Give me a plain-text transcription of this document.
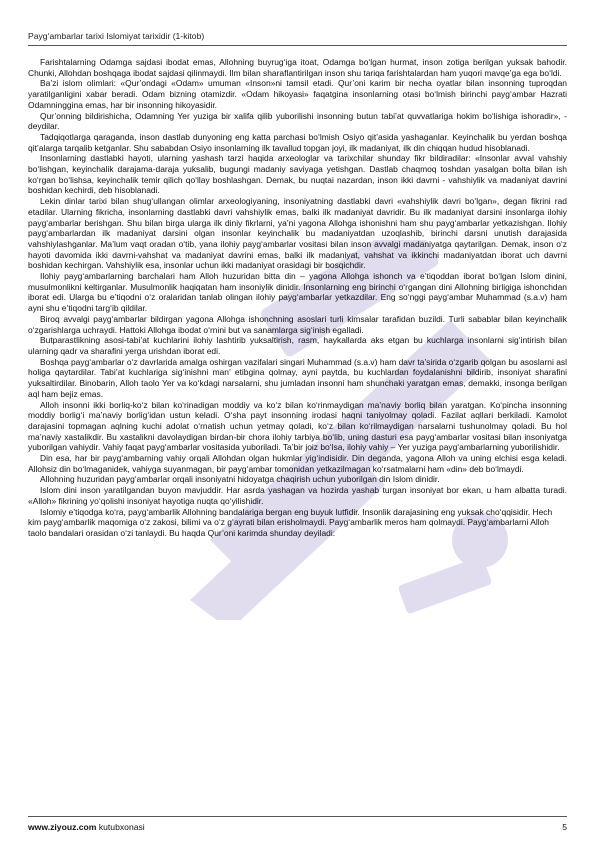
Payg‘ambarlar tarixi Islomiyat tarixidir (1-kitob)

Farishtalarning Odamga sajdasi ibodat emas, Allohning buyrug‘iga itoat, Odamga bo‘lgan hurmat, inson zotiga berilgan yuksak bahodir. Chunki, Allohdan boshqaga ibodat sajdasi qilinmaydi. Ilm bilan sharaflantirilgan inson shu tariqa farishtalardan ham yuqori mavqe’ga ega bo‘ldi.

Ba’zi islom olimlari: «Qur’ondagi «Odam» umuman «Inson»ni tamsil etadi. Qur’oni karim bir necha oyatlar bilan insonning tuproqdan yaratilganligini xabar beradi. Odam bizning otamizdir. «Odam hikoyasi» faqatgina insonlarning otasi bo‘lmish birinchi payg‘ambar Hazrati Odamninggina emas, har bir insonning hikoyasidir.

Qur’onning bildirishicha, Odamning Yer yuziga bir xalifa qilib yuborilishi insonning butun tabi’at quvvatlariga hokim bo‘lishiga ishoradir», - deydilar.

Tadqiqotlarga qaraganda, inson dastlab dunyoning eng katta parchasi bo‘lmish Osiyo qit’asida yashaganlar. Keyinchalik bu yerdan boshqa qit’alarga tarqalib ketganlar. Shu sababdan Osiyo insonlarning ilk tavallud topgan joyi, ilk madaniyat, ilk din chiqqan hudud hisoblanadi.

Insonlarning dastlabki hayoti, ularning yashash tarzi haqida arxeologlar va tarixchilar shunday fikr bildiradilar: «Insonlar avval vahshiy bo‘lishgan, keyinchalik darajama-daraja yuksalib, bugungi madaniy saviyaga yetishgan. Dastlab chaqmoq toshdan yasalgan bolta bilan ish ko‘rgan bo‘lishsa, keyinchalik temir qilich qo‘llay boshlashgan. Demak, bu nuqtai nazardan, inson ikki davrni - vahshiylik va madaniyat davrini boshidan kechirdi, deb hisoblanadi.

Lekin dinlar tarixi bilan shug‘ullangan olimlar arxeologiyaning, insoniyatning dastlabki davri «vahshiylik davri bo‘lgan», degan fikrini rad etadilar. Ularning fikricha, insonlarning dastlabki davri vahshiylik emas, balki ilk madaniyat davridir. Bu ilk madaniyat darsini insonlarga ilohiy payg‘ambarlar berishgan. Shu bilan birga ularga ilk diniy fikrlarni, ya’ni yagona Allohga ishonishni ham shu payg‘ambarlar yetkazishgan. Ilohiy payg‘ambarlardan ilk madaniyat darsini olgan insonlar keyinchalik bu madaniyatdan uzoqlashib, birinchi darsni unutish darajasida vahshiylashganlar. Ma’lum vaqt oradan o‘tib, yana ilohiy payg‘ambarlar vositasi bilan inson avvalgi madaniyatga qaytarilgan. Demak, inson o‘z hayoti davomida ikki davrni-vahshat va madaniyat davrini emas, balki ilk madaniyat, vahshat va ikkinchi madaniyatdan iborat uch davrni boshidan kechirgan. Vahshiylik esa, insonlar uchun ikki madaniyat orasidagi bir bosqichdir.

Ilohiy payg‘ambarlarning barchalari ham Alloh huzuridan bitta din – yagona Allohga ishonch va e’tiqoddan iborat bo‘lgan Islom dinini, musulmonlikni keltirganlar. Musulmonlik haqiqatan ham insoniylik dinidir. Insonlarning eng birinchi o‘rgangan dini Allohning birligiga ishonchdan iborat edi. Ularga bu e’tiqodni o‘z oralaridan tanlab olingan ilohiy payg‘ambarlar yetkazdilar. Eng so‘nggi payg‘ambar Muhammad (s.a.v) ham ayni shu e’tiqodni targ‘ib qildilar.

Biroq avvalgi payg‘ambarlar bildirgan yagona Allohga ishonchning asoslari turli kimsalar tarafidan buzildi. Turli sabablar bilan keyinchalik o‘zgarishlarga uchraydi. Hattoki Allohga ibodat o‘rnini but va sanamlarga sig‘inish egalladi.

Butparastlikning asosi-tabi’at kuchlarini ilohiy lashtirib yuksaltirish, rasm, haykallarda aks etgan bu kuchlarga insonlarni sig‘intirish bilan ularning qadr va sharafini yerga urishdan iborat edi.

Boshqa payg‘ambarlar o‘z davrlarida amalga oshirgan vazifalari singari Muhammad (s.a.v) ham davr ta’sirida o‘zgarib qolgan bu asoslarni asl holiga qaytardilar. Tabi’at kuchlariga sig‘inishni man’ etibgina qolmay, ayni paytda, bu kuchlardan foydalanishni bildirib, insoniyat sharafini yuksaltirdilar. Binobarin, Alloh taolo Yer va ko‘kdagi narsalarni, shu jumladan insonni ham shunchaki yaratgan emas, demakki, insonga berilgan aql ham bejiz emas.

Alloh insonni ikki borliq-ko‘z bilan ko‘rinadigan moddiy va ko‘z bilan ko‘rinmaydigan ma’naviy borliq bilan yaratgan. Ko‘pincha insonning moddiy borlig‘i ma’naviy borlig‘idan ustun keladi. O‘sha payt insonning irodasi haqni taniyolmay qoladi. Fazilat aqllari berkiladi. Kamolot darajasini topmagan aqlning kuchi adolat o‘rnatish uchun yetmay qoladi, ko‘z bilan ko‘rilmaydigan narsalarni tushunolmay qoladi. Bu hol ma’naviy xastalikdir. Bu xastalikni davolaydigan birdan-bir chora ilohiy tarbiya bo‘lib, uning dasturi esa payg‘ambarlar vositasi bilan insoniyatga yuborilgan vahiydir. Vahiy faqat payg‘ambarlar vositasida yuboriladi. Ta’bir joiz bo‘lsa, ilohiy vahiy – Yer yuziga payg‘ambarlarning yuborilishidir.

Din esa, har bir payg‘ambarning vahiy orqali Allohdan olgan hukmlar yig‘indisidir. Din deganda, yagona Alloh va uning elchisi esga keladi. Allohsiz din bo‘lmaganidek, vahiyga suyanmagan, bir payg‘ambar tomonidan yetkazilmagan ko‘rsatmalarni ham «din» deb bo‘lmaydi.

Allohning huzuridan payg‘ambarlar orqali insoniyatni hidoyatga chaqirish uchun yuborilgan din Islom dinidir.

Islom dini inson yaratilgandan buyon mavjuddir. Har asrda yashagan va hozirda yashab turgan insoniyat bor ekan, u ham albatta turadi. «Alloh» fikrining yo‘qolishi insoniyat hayotiga nuqta qo‘yilishidir.

Islomiy e’tiqodga ko‘ra, payg‘ambarlik Allohning bandalariga bergan eng buyuk lutfidir. Insonlik darajasining eng yuksak cho‘qqisidir. Hech kim payg‘ambarlik maqomiga o‘z zakosi, bilimi va o‘z g‘ayrati bilan erisholmaydi. Payg‘ambarlik meros ham qolmaydi. Payg‘ambarlarni Alloh taolo bandalari orasidan o‘zi tanlaydi. Bu haqda Qur’oni karimda shunday deyiladi:

www.ziyouz.com kutubxonasi	5
